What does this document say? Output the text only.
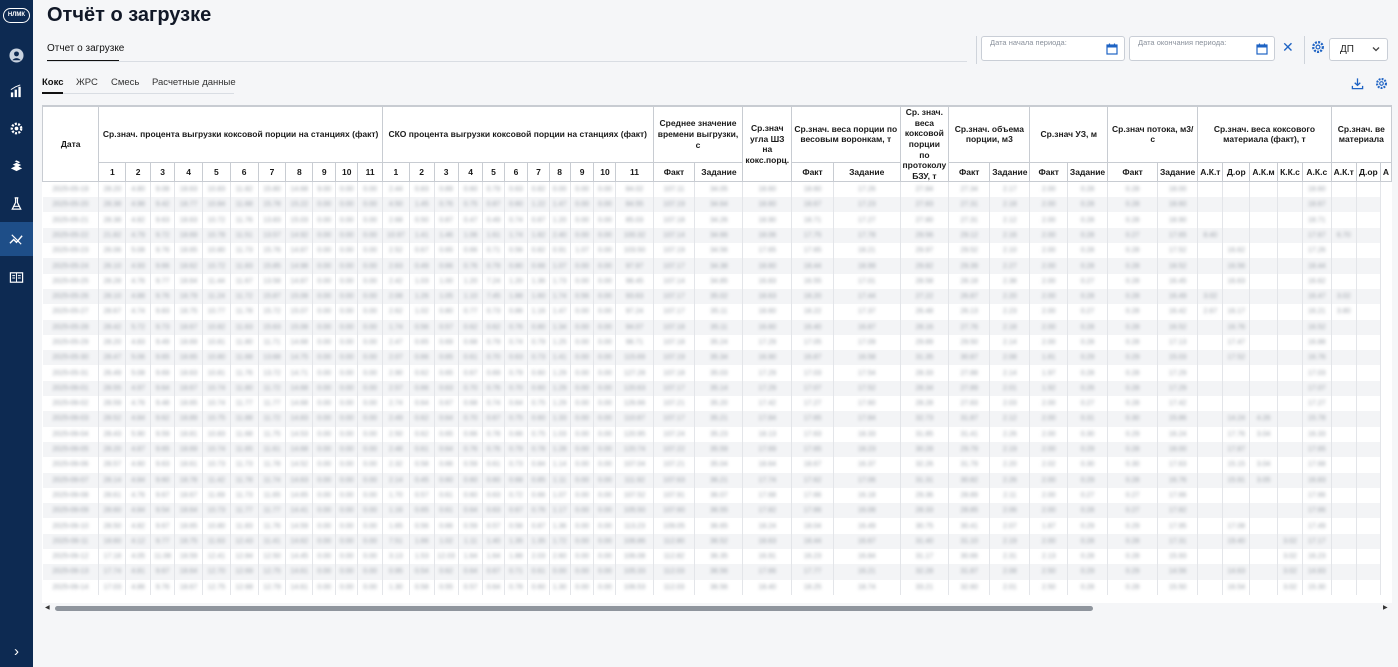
НЛМК
›
Отчёт о загрузке
Отчет о загрузке
Дата начала периода:	Дата окончания периода:	✕	ДП
Кокс ЖРС Смесь Расчетные данные
Дата	Ср.знач. процента выгрузки коксовой порции на станциях (факт)											СКО процента выгрузки коксовой порции на станциях (факт)											Среднее значение времени выгрузки, с		Ср.знач угла ШЗ на кокс.порц.	Ср.знач. веса порции по весовым воронкам, т		Ср. знач. веса коксовой порции по протоколу БЗУ, т	Ср.знач. объема порции, м3		Ср.знач УЗ, м		Ср.знач потока, м3/с		Ср.знач. веса коксового материала (факт), т					Ср.знач. ве материала		
	1	2	3	4	5	6	7	8	9	10	11	1	2	3	4	5	6	7	8	9	10	11	Факт	Задание		Факт	Задание		Факт	Задание	Факт	Задание	Факт	Задание	А.К.т	Д.ор	А.К.м	К.К.с	А.К.с	А.К.т	Д.ор	А
2025-05-19	28.20	4.80	9.08	18.63	10.83	11.82	15.80	14.68	9.00	0.00	0.00	2.44	0.83	0.89	0.60	0.79	0.63	0.82	0.00	0.00	0.00	84.02	107.11	34.05	18.60	18.60	17.26	27.84	27.34	2.17	2.00	0.28	0.28	18.00					18.60			
2025-05-20	28.38	4.98	9.42	18.77	10.84	11.68	15.78	15.22	0.00	0.00	0.00	4.50	1.45	0.76	0.75	0.87	0.60	1.22	1.47	0.00	0.00	84.55	107.19	34.64	18.60	18.67	17.23	27.83	27.31	2.18	2.00	0.28	0.28	18.60					18.67			
2025-05-21	28.38	4.82	9.63	18.63	10.72	11.76	13.83	15.03	0.00	0.00	0.00	2.68	0.50	0.87	0.47	0.49	0.74	0.87	1.20	0.00	0.00	85.03	107.18	34.26	18.90	18.71	17.27	27.80	27.31	2.12	2.00	0.28	0.28	18.90					18.71			
2025-05-22	21.82	4.79	9.72	18.69	10.78	11.51	13.57	14.92	0.00	0.00	0.00	10.97	1.41	1.46	1.06	1.61	1.74	1.82	2.40	0.00	0.00	100.32	107.14	34.66	18.06	17.75	17.78	29.56	29.12	2.16	2.00	0.28	0.27	17.65	8.40				17.67	6.70		
2025-05-23	26.06	5.08	9.76	18.65	10.80	11.73	15.76	14.87	0.00	0.00	0.00	2.52	0.67	0.65	0.66	0.71	0.56	0.82	0.91	1.07	0.00	103.50	107.19	34.56	17.65	17.65	18.21	29.97	29.52	2.10	2.00	0.28	0.28	17.52		16.62			17.26			
2025-05-24	26.10	4.93	9.66	18.62	10.72	11.83	15.85	14.98	0.00	0.00	0.00	2.63	0.49	0.66	0.76	0.79	0.80	0.66	1.07	0.00	0.00	97.97	107.17	34.38	18.60	18.44	18.99	29.82	29.39	2.27	2.00	0.28	0.28	18.52		16.56			18.44			
2025-05-25	28.28	4.76	9.77	18.64	11.44	11.67	13.58	14.87	0.00	0.00	0.00	2.42	1.03	1.00	1.20	7.24	1.20	1.36	1.73	0.00	0.00	98.45	107.14	34.85	16.83	16.55	17.01	28.58	28.18	2.38	2.00	0.27	0.28	16.45		16.63			16.62			
2025-05-26	28.10	4.88	9.76	18.79	11.24	11.72	15.87	15.08	0.00	0.00	0.00	2.08	1.26	1.05	1.10	7.45	1.88	1.60	1.74	0.56	0.00	93.63	107.17	35.02	18.63	18.20	17.44	27.22	26.87	2.20	2.00	0.28	0.28	16.49	3.02				16.47	3.02		
2025-05-27	28.67	4.74	9.83	18.75	10.77	11.78	15.72	15.07	0.00	0.00	0.00	2.62	1.02	0.80	0.77	0.73	0.86	1.16	1.47	0.00	0.00	97.24	107.17	35.11	18.60	18.22	17.37	26.48	26.13	2.23	2.00	0.27	0.28	16.42	2.67	16.17			16.21	3.80		
2025-05-28	28.42	5.72	9.73	18.67	10.82	11.63	15.63	15.08	0.00	0.00	0.00	1.74	0.56	0.57	0.62	0.62	0.76	0.80	1.34	0.00	0.00	94.07	107.18	35.11	16.60	16.40	16.87	28.16	27.76	2.18	2.00	0.28	0.28	16.52		16.76			16.52			
2025-05-29	28.20	4.83	9.49	18.69	10.81	11.80	11.71	14.68	0.00	0.00	0.00	2.47	0.65	0.69	0.68	0.79	0.74	0.79	1.25	0.00	0.00	98.71	107.18	35.24	17.29	17.05	17.09	29.89	29.50	2.14	2.00	0.28	0.28	17.13		17.47			16.88			
2025-05-30	28.47	5.06	9.65	18.65	10.80	11.68	13.68	14.75	0.00	0.00	0.00	2.07	0.66	0.65	0.61	0.70	0.63	0.73	1.41	0.00	0.00	115.69	107.19	35.34	16.90	16.87	16.58	31.35	30.87	2.08	1.81	0.29	0.29	15.03		17.52			16.76			
2025-05-31	26.49	5.08	9.69	18.63	10.81	11.76	13.72	14.71	0.00	0.00	0.00	2.90	0.62	0.65	0.67	0.69	0.79	0.60	1.29	0.00	0.00	127.28	107.18	35.03	17.29	17.03	17.54	28.33	27.88	2.14	1.97	0.28	0.28	17.29					17.03			
2025-06-01	28.55	4.97	9.64	18.67	10.74	11.80	11.72	14.68	0.00	0.00	0.00	2.57	0.66	0.63	0.70	0.76	0.70	0.60	1.29	0.00	0.00	120.63	107.17	35.14	17.29	17.07	17.52	28.34	27.89	2.01	1.92	0.26	0.28	17.29					17.07			
2025-06-02	28.59	4.76	9.48	18.65	10.74	11.77	11.77	14.68	0.00	0.00	0.00	2.74	0.64	0.67	0.68	0.74	0.64	0.75	1.29	0.00	0.00	126.66	107.21	35.20	17.42	17.27	17.60	28.28	27.83	2.03	2.00	0.27	0.28	17.42					17.27			
2025-06-03	28.52	4.84	9.62	18.89	10.75	11.88	11.72	14.83	0.00	0.00	0.00	2.49	0.62	0.64	0.70	0.67	0.75	0.60	1.33	0.00	0.00	110.87	107.17	35.21	17.84	17.65	17.84	32.73	31.87	2.12	2.00	0.31	0.30	15.86		14.24	4.26		15.78			
2025-06-04	28.43	5.90	9.59	18.81	10.83	11.68	11.75	14.53	0.00	0.00	0.00	2.50	0.62	0.65	0.66	0.78	0.66	0.75	1.03	0.00	0.00	120.95	107.24	35.23	18.13	17.63	18.33	31.85	31.41	2.26	2.00	0.30	0.29	16.24		17.76	3.04		16.33			
2025-06-05	28.20	4.87	9.65	18.69	10.74	11.65	11.61	14.68	0.00	0.00	0.00	2.48	0.61	0.64	0.76	0.76	0.79	0.78	1.28	0.00	0.00	120.74	107.22	35.59	17.69	17.65	18.23	30.28	29.79	2.19	2.00	0.29	0.28	18.00		17.87			17.65			
2025-06-06	28.57	4.60	9.63	18.61	10.73	11.73	11.78	14.52	0.00	0.00	0.00	2.32	0.58	0.66	0.59	0.61	0.73	0.84	1.14	0.00	0.00	107.04	107.21	35.04	18.64	18.67	16.37	32.26	31.79	2.20	2.02	0.30	0.30	17.63		15.15	3.04		17.68			
2025-06-07	28.14	4.84	9.60	18.78	11.42	11.78	11.74	14.63	0.00	0.00	0.00	2.14	0.45	0.60	0.60	0.60	0.68	0.85	1.11	0.00	0.00	111.92	107.63	36.21	17.74	17.62	17.06	31.31	30.82	2.26	2.00	0.29	0.28	16.76		15.91	3.05		16.83			
2025-06-08	28.61	4.76	9.67	18.67	11.69	11.73	11.65	14.65	0.00	0.00	0.00	1.70	0.57	0.61	0.60	0.63	0.72	0.66	1.07	0.00	0.00	107.52	107.91	36.07	17.68	17.66	16.18	29.36	28.89	2.11	2.00	0.27	0.27	17.66					17.66			
2025-06-09	28.60	4.84	9.54	18.64	10.73	11.77	11.77	14.41	0.00	0.00	0.00	1.16	0.65	0.61	0.64	0.63	0.67	0.76	1.17	0.00	0.00	105.50	107.60	36.55	17.82	17.66	16.08	28.33	28.85	2.06	2.00	0.28	0.27	17.82					17.66			
2025-06-10	28.50	4.82	9.67	18.65	10.80	11.83	11.76	14.59	0.00	0.00	0.00	1.65	0.56	0.66	0.59	0.57	0.58	0.87	1.36	0.00	0.00	113.23	109.05	36.65	18.24	18.04	16.49	30.75	30.41	2.07	1.87	0.29	0.29	17.95		17.08			17.49			
2025-06-11	18.60	4.12	9.77	18.75	11.63	12.43	11.41	14.62	0.00	0.00	0.00	7.51	1.66	1.02	1.11	1.40	1.35	1.35	1.72	0.00	0.00	106.86	112.80	36.52	18.63	18.44	16.67	31.40	31.10	2.19	2.00	0.28	0.28	17.31		19.40		3.02	17.17			
2025-06-12	17.18	4.05	11.08	18.59	12.41	12.84	12.50	14.45	0.00	0.00	0.00	3.13	1.53	12.03	1.64	1.64	1.88	2.03	2.60	0.00	0.00	106.08	112.82	36.35	16.91	16.23	16.84	31.17	30.66	2.31	2.13	0.28	0.28	15.93				3.02	16.23			
2025-06-13	17.74	4.81	9.67	18.64	12.70	12.69	12.75	14.61	0.00	0.00	0.00	0.95	0.54	0.62	0.64	0.67	0.71	0.61	0.00	0.00	0.00	105.33	112.03	36.56	17.66	17.77	16.21	32.28	31.87	2.08	2.50	0.29	0.29	14.56		14.63		3.02	14.83			
2025-06-14	17.03	4.86	9.76	18.67	12.75	12.68	12.79	14.61	0.00	0.00	0.00	1.30	0.58	0.55	0.57	0.64	0.78	0.60	1.30	0.00	0.00	106.53	112.03	36.56	18.40	18.25	18.74	33.21	32.60	2.01	2.50	0.28	0.28	15.50		16.54		3.02	15.30			
◀	▶
